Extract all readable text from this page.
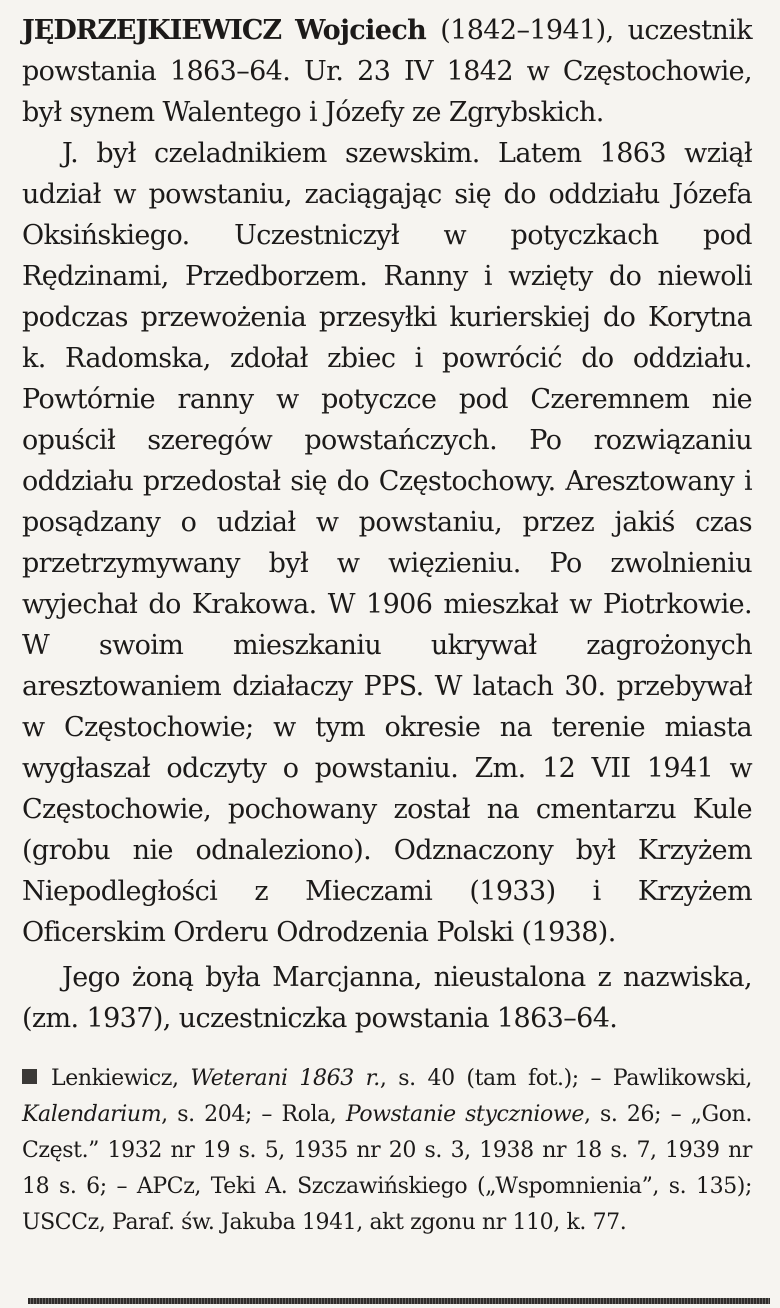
JĘDRZEJKIEWICZ Wojciech (1842–1941), uczestnik powstania 1863–64. Ur. 23 IV 1842 w Częstochowie, był synem Walentego i Józefy ze Zgrybskich.

J. był czeladnikiem szewskim. Latem 1863 wziął udział w powstaniu, zaciągając się do oddziału Józefa Oksińskiego. Uczestniczył w potyczkach pod Rędzinami, Przedborzem. Ranny i wzięty do niewoli podczas przewożenia przesyłki kurierskiej do Korytna k. Radomska, zdołał zbiec i powrócić do oddziału. Powtórnie ranny w potyczce pod Czeremnem nie opuścił szeregów powstańczych. Po rozwiązaniu oddziału przedostał się do Częstochowy. Aresztowany i posądzany o udział w powstaniu, przez jakiś czas przetrzymywany był w więzieniu. Po zwolnieniu wyjechał do Krakowa. W 1906 mieszkał w Piotrkowie. W swoim mieszkaniu ukrywał zagrożonych aresztowaniem działaczy PPS. W latach 30. przebywał w Częstochowie; w tym okresie na terenie miasta wygłaszał odczyty o powstaniu. Zm. 12 VII 1941 w Częstochowie, pochowany został na cmentarzu Kule (grobu nie odnaleziono). Odznaczony był Krzyżem Niepodległości z Mieczami (1933) i Krzyżem Oficerskim Orderu Odrodzenia Polski (1938).

Jego żoną była Marcjanna, nieustalona z nazwiska, (zm. 1937), uczestniczka powstania 1863–64.

Lenkiewicz, Weterani 1863 r., s. 40 (tam fot.); – Pawlikowski, Kalendarium, s. 204; – Rola, Powstanie styczniowe, s. 26; – „Gon. Częst.” 1932 nr 19 s. 5, 1935 nr 20 s. 3, 1938 nr 18 s. 7, 1939 nr 18 s. 6; – APCz, Teki A. Szczawińskiego („Wspomnienia”, s. 135); USCCz, Paraf. św. Jakuba 1941, akt zgonu nr 110, k. 77.
